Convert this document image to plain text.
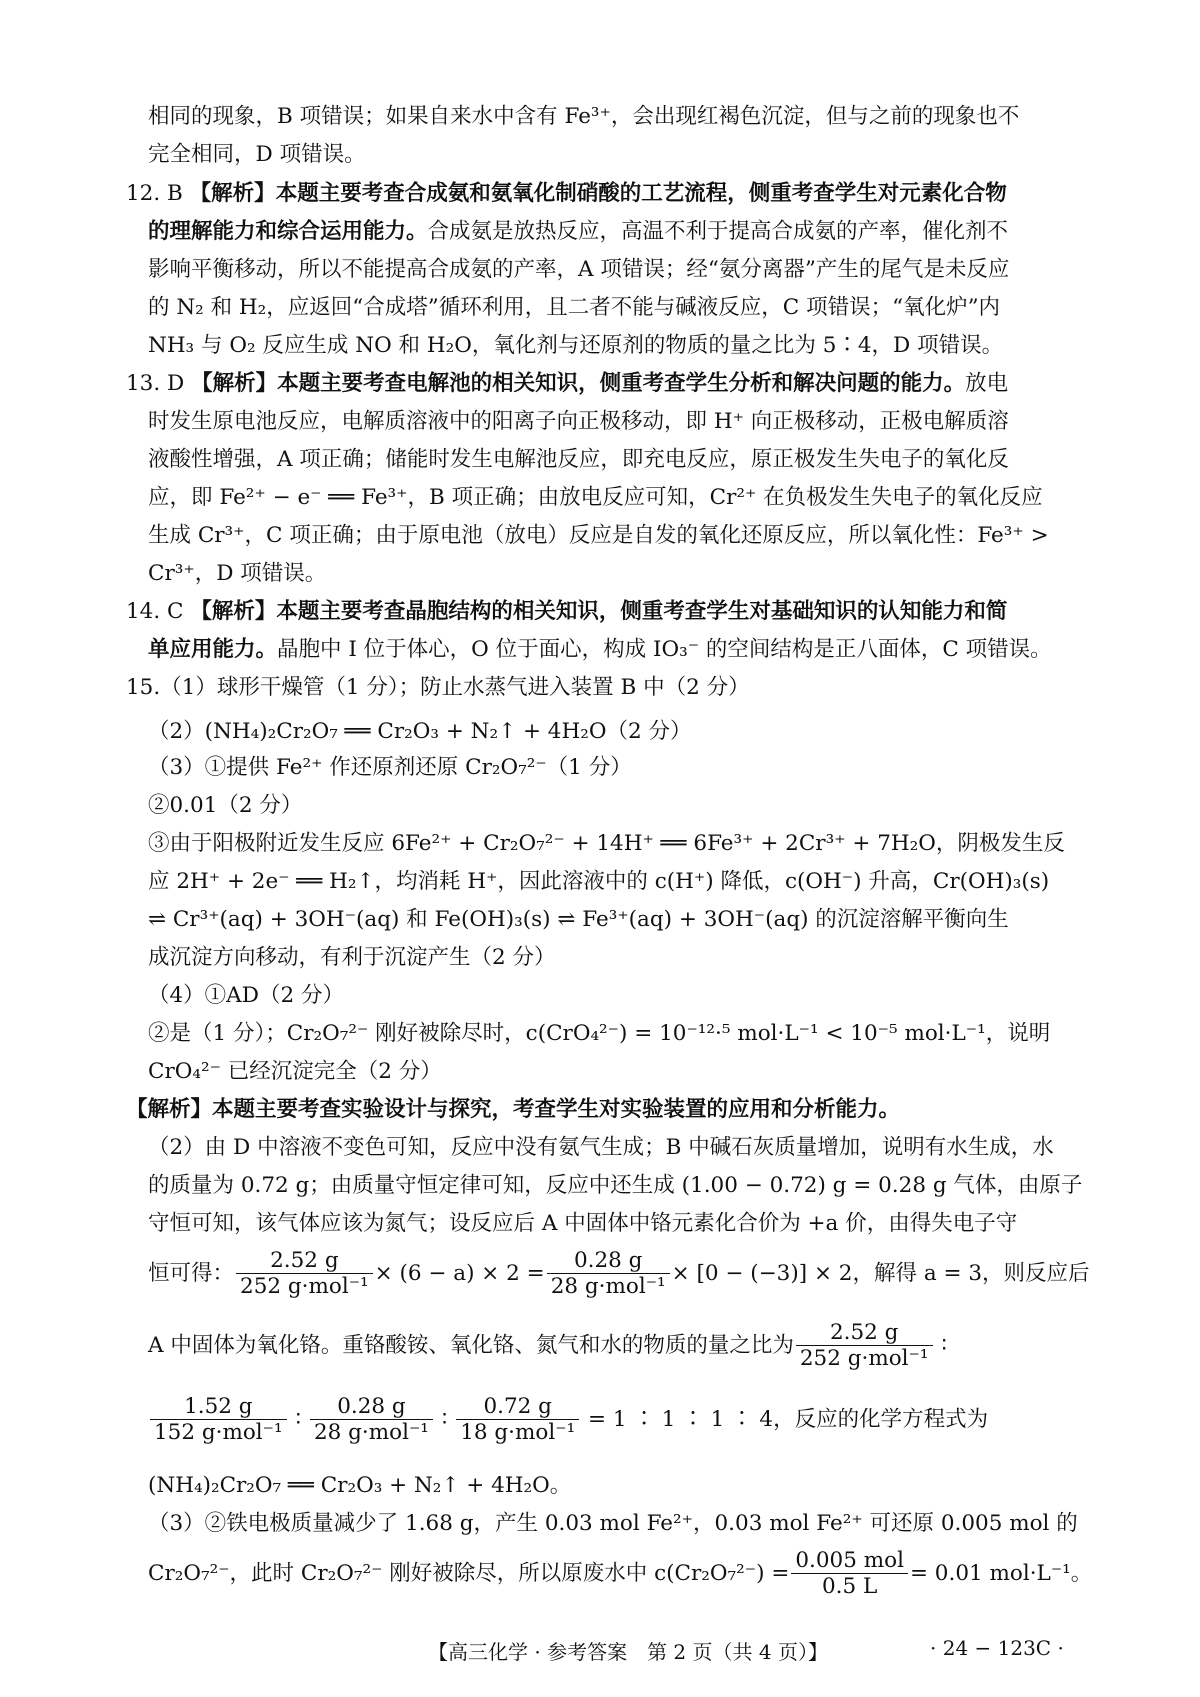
相同的现象，B 项错误；如果自来水中含有 Fe³⁺，会出现红褐色沉淀，但与之前的现象也不
完全相同，D 项错误。
12. B 【解析】本题主要考查合成氨和氨氧化制硝酸的工艺流程，侧重考查学生对元素化合物
的理解能力和综合运用能力。合成氨是放热反应，高温不利于提高合成氨的产率，催化剂不
影响平衡移动，所以不能提高合成氨的产率，A 项错误；经“氨分离器”产生的尾气是未反应
的 N₂ 和 H₂，应返回“合成塔”循环利用，且二者不能与碱液反应，C 项错误；“氧化炉”内
NH₃ 与 O₂ 反应生成 NO 和 H₂O，氧化剂与还原剂的物质的量之比为 5∶4，D 项错误。
13. D 【解析】本题主要考查电解池的相关知识，侧重考查学生分析和解决问题的能力。放电
时发生原电池反应，电解质溶液中的阳离子向正极移动，即 H⁺ 向正极移动，正极电解质溶
液酸性增强，A 项正确；储能时发生电解池反应，即充电反应，原正极发生失电子的氧化反
应，即 Fe²⁺ − e⁻ ══ Fe³⁺，B 项正确；由放电反应可知，Cr²⁺ 在负极发生失电子的氧化反应
生成 Cr³⁺，C 项正确；由于原电池（放电）反应是自发的氧化还原反应，所以氧化性：Fe³⁺ >
Cr³⁺，D 项错误。
14. C 【解析】本题主要考查晶胞结构的相关知识，侧重考查学生对基础知识的认知能力和简
单应用能力。晶胞中 I 位于体心，O 位于面心，构成 IO₃⁻ 的空间结构是正八面体，C 项错误。
15.（1）球形干燥管（1 分）；防止水蒸气进入装置 B 中（2 分）
（2）(NH₄)₂Cr₂O₇ ══ Cr₂O₃ + N₂↑ + 4H₂O（2 分）
（3）①提供 Fe²⁺ 作还原剂还原 Cr₂O₇²⁻（1 分）
②0.01（2 分）
③由于阳极附近发生反应 6Fe²⁺ + Cr₂O₇²⁻ + 14H⁺ ══ 6Fe³⁺ + 2Cr³⁺ + 7H₂O，阴极发生反
应 2H⁺ + 2e⁻ ══ H₂↑，均消耗 H⁺，因此溶液中的 c(H⁺) 降低，c(OH⁻) 升高，Cr(OH)₃(s)
⇌ Cr³⁺(aq) + 3OH⁻(aq) 和 Fe(OH)₃(s) ⇌ Fe³⁺(aq) + 3OH⁻(aq) 的沉淀溶解平衡向生
成沉淀方向移动，有利于沉淀产生（2 分）
（4）①AD（2 分）
②是（1 分）；Cr₂O₇²⁻ 刚好被除尽时，c(CrO₄²⁻) = 10⁻¹²·⁵ mol·L⁻¹ < 10⁻⁵ mol·L⁻¹，说明
CrO₄²⁻ 已经沉淀完全（2 分）
【解析】本题主要考查实验设计与探究，考查学生对实验装置的应用和分析能力。
（2）由 D 中溶液不变色可知，反应中没有氨气生成；B 中碱石灰质量增加，说明有水生成，水
的质量为 0.72 g；由质量守恒定律可知，反应中还生成 (1.00 − 0.72) g = 0.28 g 气体，由原子
守恒可知，该气体应该为氮气；设反应后 A 中固体中铬元素化合价为 +a 价，由得失电子守
恒可得： $\frac{2.52 g}{\text{252 g·mol⁻¹}} \times (6 - a) \times 2 = \frac{0.28 g}{\text{28 g·mol⁻¹}} \times [0 - (-3)] \times 2$，解得 a = 3，则反应后
A 中固体为氧化铬。重铬酸铵、氧化铬、氮气和水的物质的量之比为 $\frac{2.52 g}{\text{252 g·mol⁻¹}}$ ∶
$\frac{1.52 g}{\text{152 g·mol⁻¹}}$ ∶ $\frac{0.28 g}{\text{28 g·mol⁻¹}}$ ∶ $\frac{0.72 g}{\text{18 g·mol⁻¹}} = 1$ ∶ 1 ∶ 1 ∶ 4，反应的化学方程式为
(NH₄)₂Cr₂O₇ ══ Cr₂O₃ + N₂↑ + 4H₂O。
（3）②铁电极质量减少了 1.68 g，产生 0.03 mol Fe²⁺，0.03 mol Fe²⁺ 可还原 0.005 mol 的
Cr₂O₇²⁻，此时 Cr₂O₇²⁻ 刚好被除尽，所以原废水中 $c(Cr_2O_7^{2-}) = \frac{\text{0.005 mol}}{0.5 L} = 0.01$ mol·L⁻¹。
【高三化学 · 参考答案　第 2 页（共 4 页）】	· 24 − 123C ·
